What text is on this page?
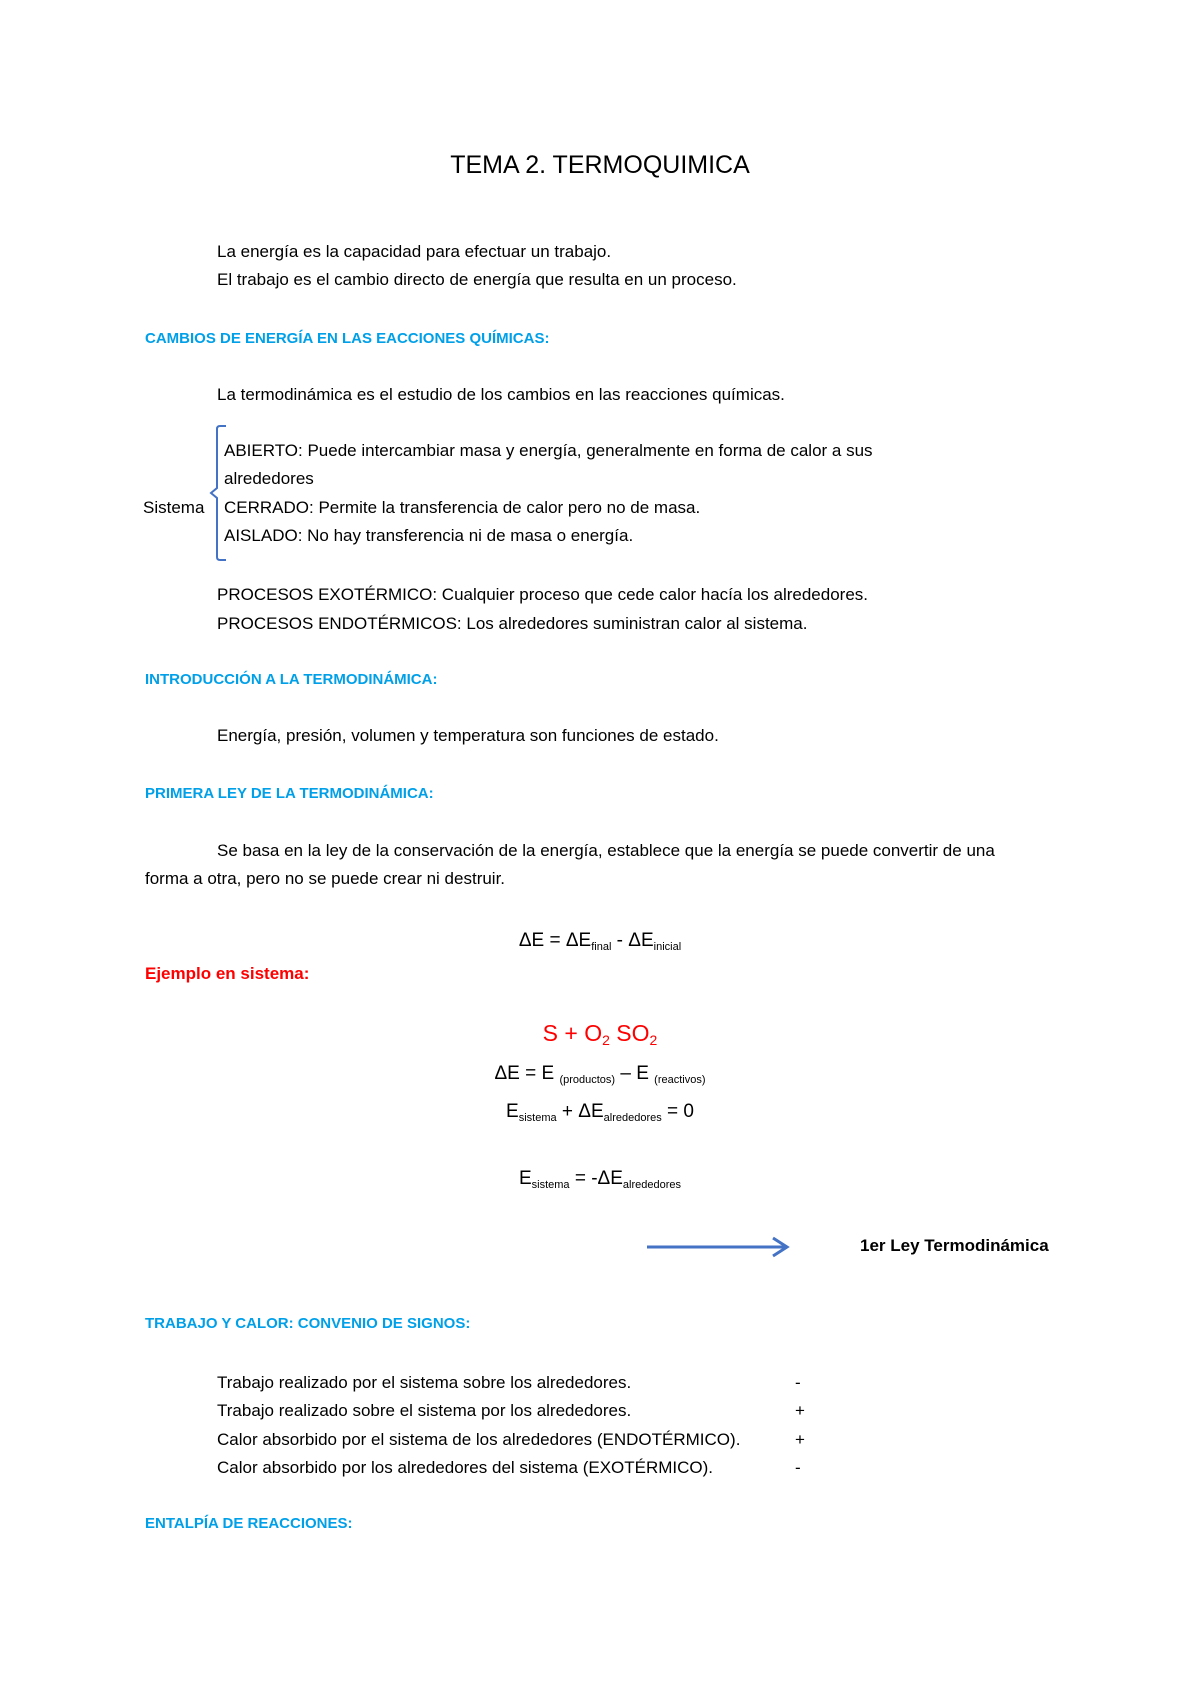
TEMA 2. TERMOQUIMICA
La energía es la capacidad para efectuar un trabajo.
El trabajo es el cambio directo de energía que resulta en un proceso.
CAMBIOS DE ENERGÍA EN LAS EACCIONES QUÍMICAS:
La termodinámica es el estudio de los cambios en las reacciones químicas.
Sistema
ABIERTO: Puede intercambiar masa y energía, generalmente en forma de calor a sus
alrededores
CERRADO: Permite la transferencia de calor pero no de masa.
AISLADO: No hay transferencia ni de masa o energía.
PROCESOS EXOTÉRMICO: Cualquier proceso que cede calor hacía los alrededores.
PROCESOS ENDOTÉRMICOS: Los alrededores suministran calor al sistema.
INTRODUCCIÓN A LA TERMODINÁMICA:
Energía, presión, volumen y temperatura son funciones de estado.
PRIMERA LEY DE LA TERMODINÁMICA:
Se basa en la ley de la conservación de la energía, establece que la energía se puede convertir de una
forma a otra, pero no se puede crear ni destruir.
$\Delta E = \Delta E_{final} - \Delta E_{inicial}$
Ejemplo en sistema:
$S + O_2$ $SO_2$
ΔE = E $_{(productos)}$ – E $_{(reactivos)}$
$E_{sistema} + \Delta E_{alrededores} = 0$
$E_{sistema} = -\Delta E_{alrededores}$
1er Ley Termodinámica
TRABAJO Y CALOR: CONVENIO DE SIGNOS:
Trabajo realizado por el sistema sobre los alrededores.	-
Trabajo realizado sobre el sistema por los alrededores.	+
Calor absorbido por el sistema de los alrededores (ENDOTÉRMICO).	+
Calor absorbido por los alrededores del sistema (EXOTÉRMICO).	-
ENTALPÍA DE REACCIONES:
